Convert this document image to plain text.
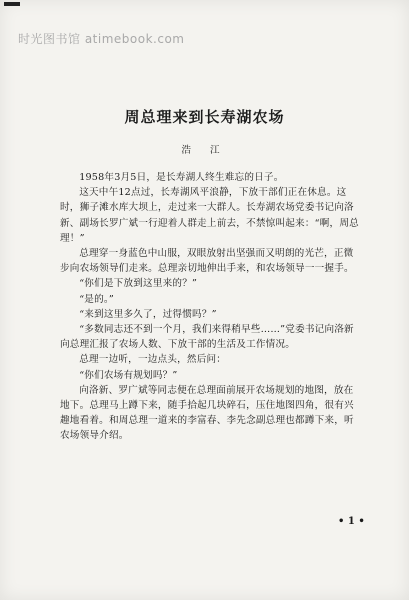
时光图书馆 atimebook.com
周总理来到长寿湖农场
浩 江

1958年3月5日，是长寿湖人终生难忘的日子。

这天中午12点过，长寿湖风平浪静，下放干部们正在休息。这时，狮子滩水库大坝上，走过来一大群人。长寿湖农场党委书记向洛新、副场长罗广斌一行迎着人群走上前去，不禁惊叫起来：“啊，周总理！”

总理穿一身蓝色中山服，双眼放射出坚强而又明朗的光芒，正微步向农场领导们走来。总理亲切地伸出手来，和农场领导一一握手。

“你们是下放到这里来的？”

“是的。”

“来到这里多久了，过得惯吗？”

“多数同志还不到一个月，我们来得稍早些……”党委书记向洛新向总理汇报了农场人数、下放干部的生活及工作情况。

总理一边听，一边点头，然后问：

“你们农场有规划吗？”

向洛新、罗广斌等同志便在总理面前展开农场规划的地图，放在地下。总理马上蹲下来，随手拾起几块碎石，压住地图四角，很有兴趣地看着。和周总理一道来的李富春、李先念副总理也都蹲下来，听农场领导介绍。

• 1 •
